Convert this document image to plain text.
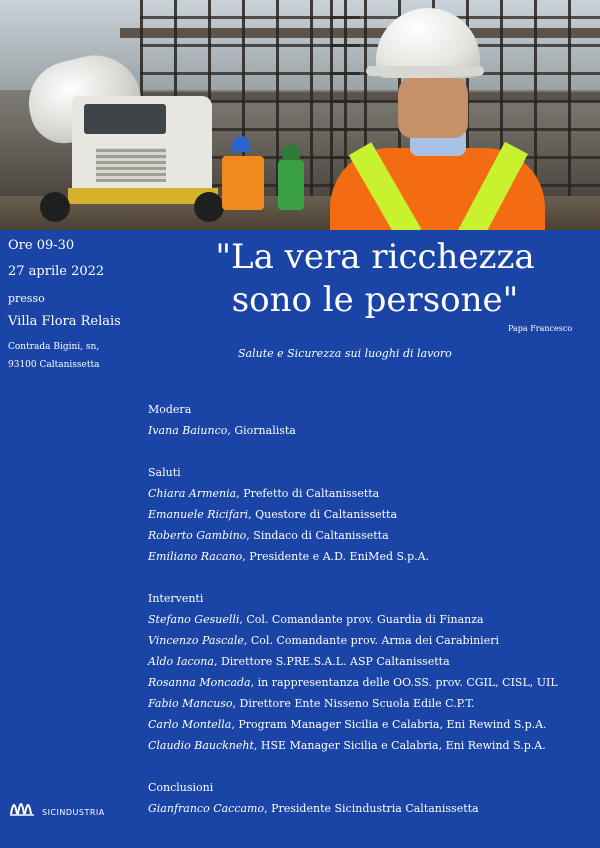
Ore 09-30
27 aprile 2022
presso
Villa Flora Relais
Contrada Bigini, sn,
93100 Caltanissetta
"La vera ricchezza
sono le persone"
Papa Francesco
Salute e Sicurezza sui luoghi di lavoro
Modera
Ivana Baiunco, Giornalista
Saluti
Chiara Armenia, Prefetto di Caltanissetta
Emanuele Ricifari, Questore di Caltanissetta
Roberto Gambino, Sindaco di Caltanissetta
Emiliano Racano, Presidente e A.D. EniMed S.p.A.
Interventi
Stefano Gesuelli, Col. Comandante prov. Guardia di Finanza
Vincenzo Pascale, Col. Comandante prov. Arma dei Carabinieri
Aldo Iacona, Direttore S.PRE.S.A.L. ASP Caltanissetta
Rosanna Moncada, in rappresentanza delle OO.SS. prov. CGIL, CISL, UIL
Fabio Mancuso, Direttore Ente Nisseno Scuola Edile C.P.T.
Carlo Montella, Program Manager Sicilia e Calabria, Eni Rewind S.p.A.
Claudio Bauckneht, HSE Manager Sicilia e Calabria, Eni Rewind S.p.A.
Conclusioni
Gianfranco Caccamo, Presidente Sicindustria Caltanissetta
SICINDUSTRIA
